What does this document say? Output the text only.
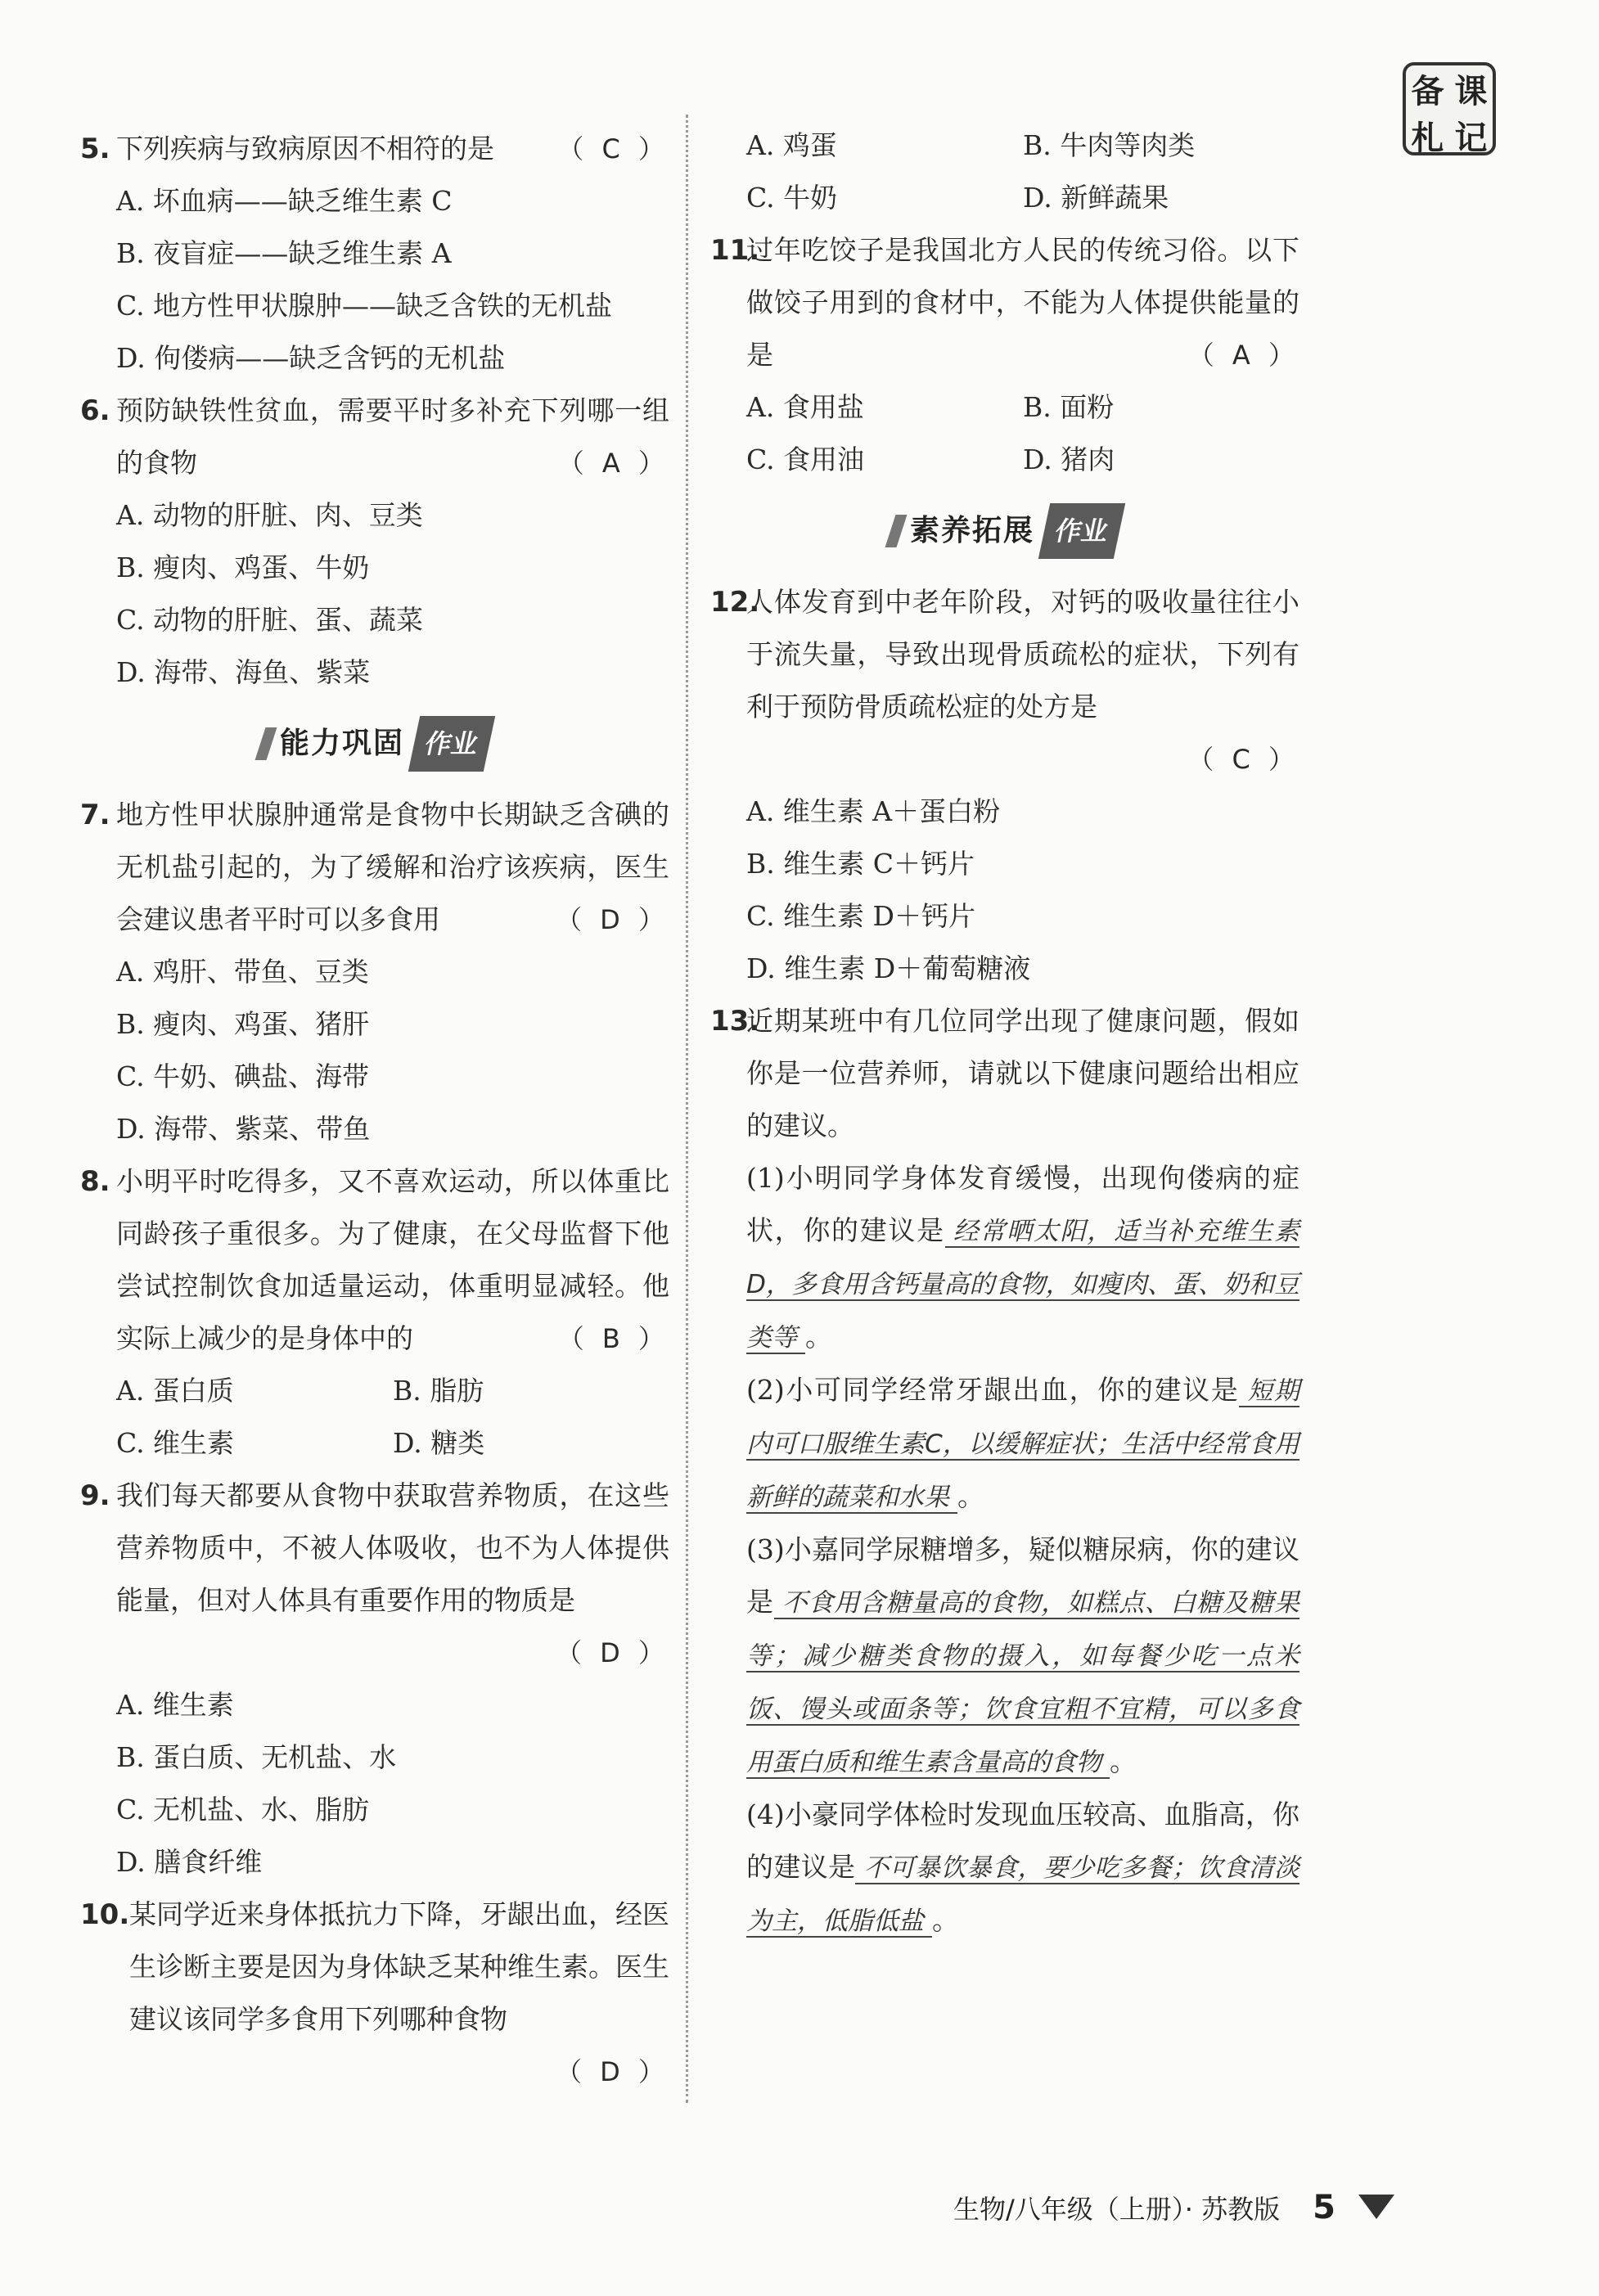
备 课
札 记
5.	（ C ）
下列疾病与致病原因不相符的是
A. 坏血病——缺乏维生素 C
B. 夜盲症——缺乏维生素 A
C. 地方性甲状腺肿——缺乏含铁的无机盐
D. 佝偻病——缺乏含钙的无机盐
6. 预防缺铁性贫血，需要平时多补充下列哪一组的食物	（ A ）
A. 动物的肝脏、肉、豆类
B. 瘦肉、鸡蛋、牛奶
C. 动物的肝脏、蛋、蔬菜
D. 海带、海鱼、紫菜
能力巩固 作业
7. 地方性甲状腺肿通常是食物中长期缺乏含碘的无机盐引起的，为了缓解和治疗该疾病，医生会建议患者平时可以多食用	（ D ）
A. 鸡肝、带鱼、豆类
B. 瘦肉、鸡蛋、猪肝
C. 牛奶、碘盐、海带
D. 海带、紫菜、带鱼
8. 小明平时吃得多，又不喜欢运动，所以体重比同龄孩子重很多。为了健康，在父母监督下他尝试控制饮食加适量运动，体重明显减轻。他实际上减少的是身体中的	（ B ）
A. 蛋白质	B. 脂肪
C. 维生素	D. 糖类
9. 我们每天都要从食物中获取营养物质，在这些营养物质中，不被人体吸收，也不为人体提供能量，但对人体具有重要作用的物质是
（ D ）
A. 维生素
B. 蛋白质、无机盐、水
C. 无机盐、水、脂肪
D. 膳食纤维
10. 某同学近来身体抵抗力下降，牙龈出血，经医生诊断主要是因为身体缺乏某种维生素。医生建议该同学多食用下列哪种食物
（ D ）
A. 鸡蛋	B. 牛肉等肉类
C. 牛奶	D. 新鲜蔬果
11.
过年吃饺子是我国北方人民的传统习俗。以下做饺子用到的食材中，不能为人体提供能量的是	（ A ）
A. 食用盐	B. 面粉
C. 食用油	D. 猪肉
素养拓展 作业
12.
人体发育到中老年阶段，对钙的吸收量往往小于流失量，导致出现骨质疏松的症状，下列有利于预防骨质疏松症的处方是
（ C ）
A. 维生素 A＋蛋白粉
B. 维生素 C＋钙片
C. 维生素 D＋钙片
D. 维生素 D＋葡萄糖液
13.
近期某班中有几位同学出现了健康问题，假如你是一位营养师，请就以下健康问题给出相应的建议。
(1)小明同学身体发育缓慢，出现佝偻病的症状，你的建议是 经常晒太阳，适当补充维生素D，多食用含钙量高的食物，如瘦肉、蛋、奶和豆类等 。
(2)小可同学经常牙龈出血，你的建议是 短期内可口服维生素C，以缓解症状；生活中经常食用新鲜的蔬菜和水果 。
(3)小嘉同学尿糖增多，疑似糖尿病，你的建议是 不食用含糖量高的食物，如糕点、白糖及糖果等；减少糖类食物的摄入，如每餐少吃一点米饭、馒头或面条等；饮食宜粗不宜精，可以多食用蛋白质和维生素含量高的食物 。
(4)小豪同学体检时发现血压较高、血脂高，你的建议是 不可暴饮暴食，要少吃多餐；饮食清淡为主，低脂低盐 。
生物/八年级（上册）· 苏教版 5
